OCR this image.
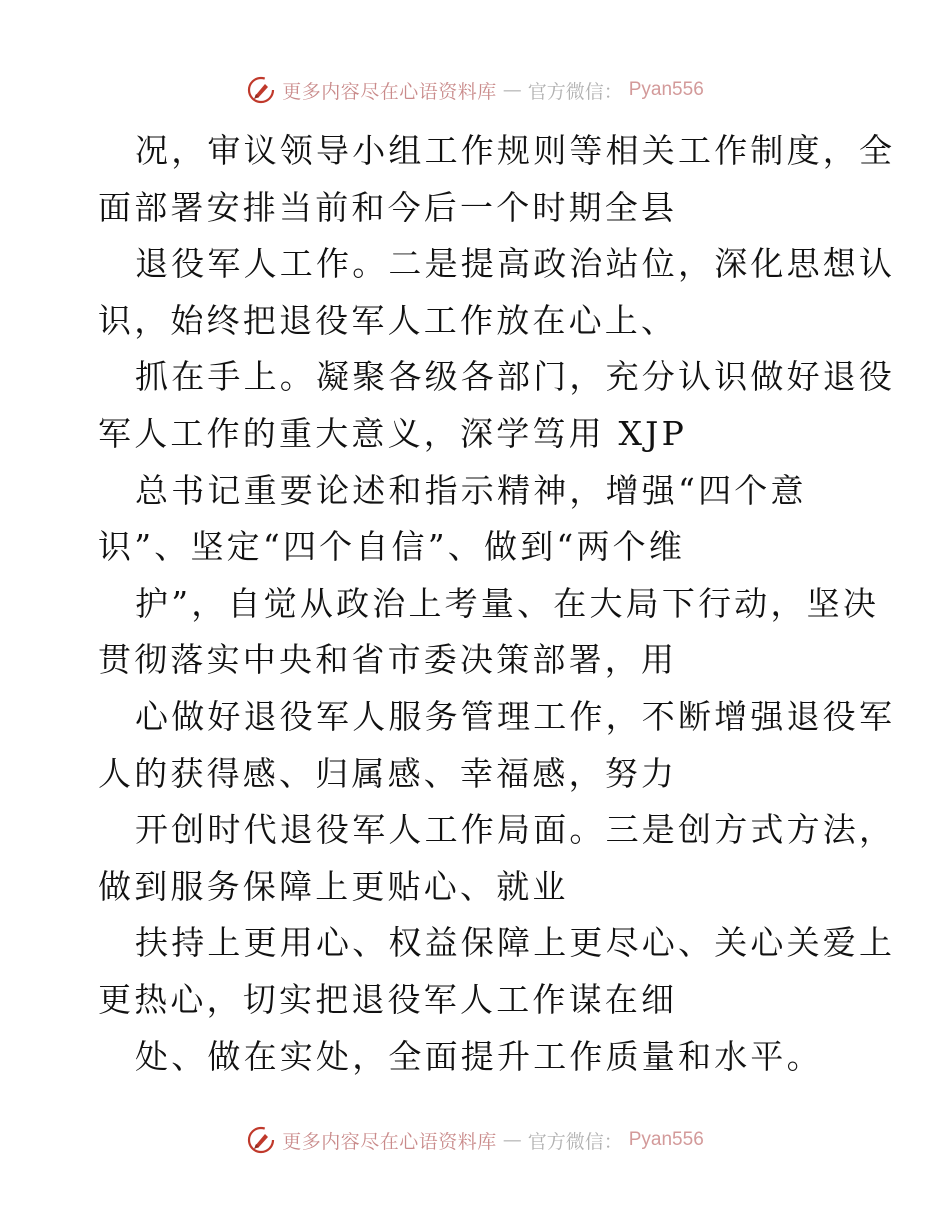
更多内容尽在心语资料库 — 官方微信： Pyan556
况，审议领导小组工作规则等相关工作制度，全
面部署安排当前和今后一个时期全县
退役军人工作。二是提高政治站位，深化思想认
识，始终把退役军人工作放在心上、
抓在手上。凝聚各级各部门，充分认识做好退役
军人工作的重大意义，深学笃用 XJP
总书记重要论述和指示精神，增强“四个意
识”、坚定“四个自信”、做到“两个维
护”，自觉从政治上考量、在大局下行动，坚决
贯彻落实中央和省市委决策部署，用
心做好退役军人服务管理工作，不断增强退役军
人的获得感、归属感、幸福感，努力
开创时代退役军人工作局面。三是创方式方法，
做到服务保障上更贴心、就业
扶持上更用心、权益保障上更尽心、关心关爱上
更热心，切实把退役军人工作谋在细
处、做在实处，全面提升工作质量和水平。
更多内容尽在心语资料库 — 官方微信： Pyan556
